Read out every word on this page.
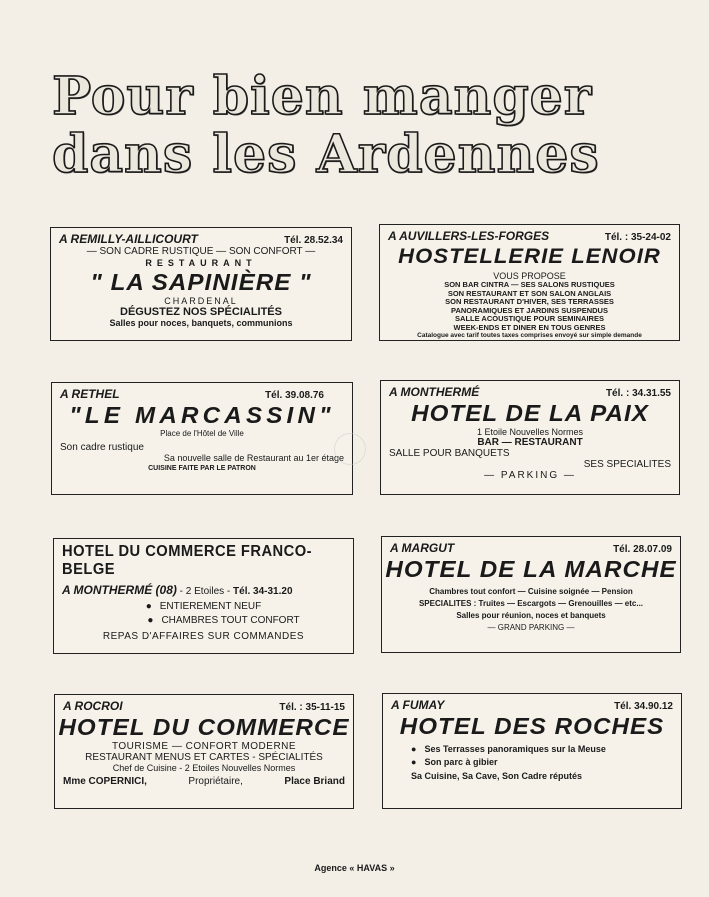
Pour bien manger
dans les Ardennes
A REMILLY-AILLICOURT	Tél. 28.52.34
— SON CADRE RUSTIQUE — SON CONFORT —
RESTAURANT
" LA SAPINIÈRE "
CHARDENAL
DÉGUSTEZ NOS SPÉCIALITÉS
Salles pour noces, banquets, communions
A AUVILLERS-LES-FORGES	Tél. : 35-24-02
HOSTELLERIE LENOIR
VOUS PROPOSE
SON BAR CINTRA — SES SALONS RUSTIQUES
SON RESTAURANT ET SON SALON ANGLAIS
SON RESTAURANT D'HIVER, SES TERRASSES
PANORAMIQUES ET JARDINS SUSPENDUS
SALLE ACOUSTIQUE POUR SEMINAIRES
WEEK-ENDS ET DINER EN TOUS GENRES
Catalogue avec tarif toutes taxes comprises envoyé sur simple demande
A RETHEL	Tél. 39.08.76
"LE MARCASSIN"
Place de l'Hôtel de Ville
Son cadre rustique
Sa nouvelle salle de Restaurant au 1er étage
CUISINE FAITE PAR LE PATRON
A MONTHERMÉ	Tél. : 34.31.55
HOTEL DE LA PAIX
1 Etoile Nouvelles Normes
BAR — RESTAURANT
SALLE POUR BANQUETS
SES SPECIALITES
— PARKING —
HOTEL DU COMMERCE FRANCO-BELGE
A MONTHERMÉ (08) - 2 Etoiles - Tél. 34-31.20
● ENTIEREMENT NEUF
● CHAMBRES TOUT CONFORT
REPAS D'AFFAIRES SUR COMMANDES
A MARGUT	Tél. 28.07.09
HOTEL DE LA MARCHE
Chambres tout confort — Cuisine soignée — Pension
SPECIALITES : Truites — Escargots — Grenouilles — etc...
Salles pour réunion, noces et banquets
— GRAND PARKING —
A ROCROI	Tél. : 35-11-15
HOTEL DU COMMERCE
TOURISME — CONFORT MODERNE
RESTAURANT MENUS ET CARTES - SPÉCIALITÉS
Chef de Cuisine - 2 Etoiles Nouvelles Normes
Mme COPERNICI,	Propriétaire,	Place Briand
A FUMAY	Tél. 34.90.12
HOTEL DES ROCHES
● Ses Terrasses panoramiques sur la Meuse
● Son parc à gibier
Sa Cuisine, Sa Cave, Son Cadre réputés
Agence « HAVAS »
